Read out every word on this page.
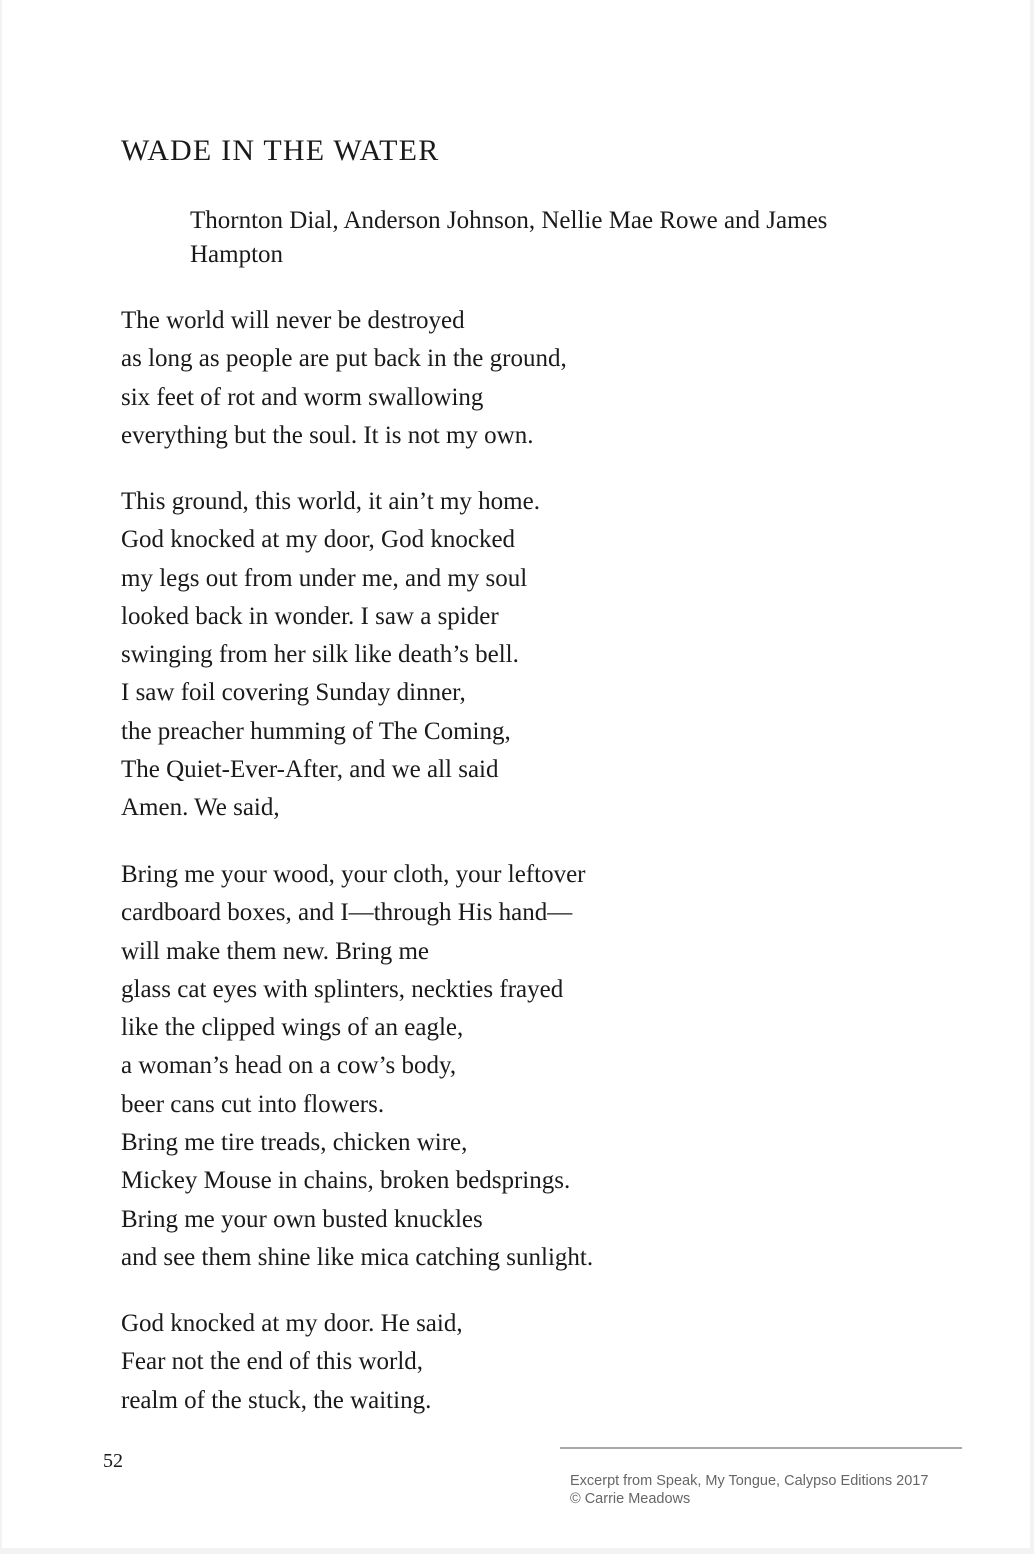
WADE IN THE WATER

Thornton Dial, Anderson Johnson, Nellie Mae Rowe and James Hampton

The world will never be destroyed
as long as people are put back in the ground,
six feet of rot and worm swallowing
everything but the soul. It is not my own.
This ground, this world, it ain’t my home.
God knocked at my door, God knocked
my legs out from under me, and my soul
looked back in wonder. I saw a spider
swinging from her silk like death’s bell.
I saw foil covering Sunday dinner,
the preacher humming of The Coming,
The Quiet-Ever-After, and we all said
Amen. We said,
Bring me your wood, your cloth, your leftover
cardboard boxes, and I—through His hand—
will make them new. Bring me
glass cat eyes with splinters, neckties frayed
like the clipped wings of an eagle,
a woman’s head on a cow’s body,
beer cans cut into flowers.
Bring me tire treads, chicken wire,
Mickey Mouse in chains, broken bedsprings.
Bring me your own busted knuckles
and see them shine like mica catching sunlight.
God knocked at my door. He said,
Fear not the end of this world,
realm of the stuck, the waiting.
52
Excerpt from Speak, My Tongue, Calypso Editions 2017
© Carrie Meadows
